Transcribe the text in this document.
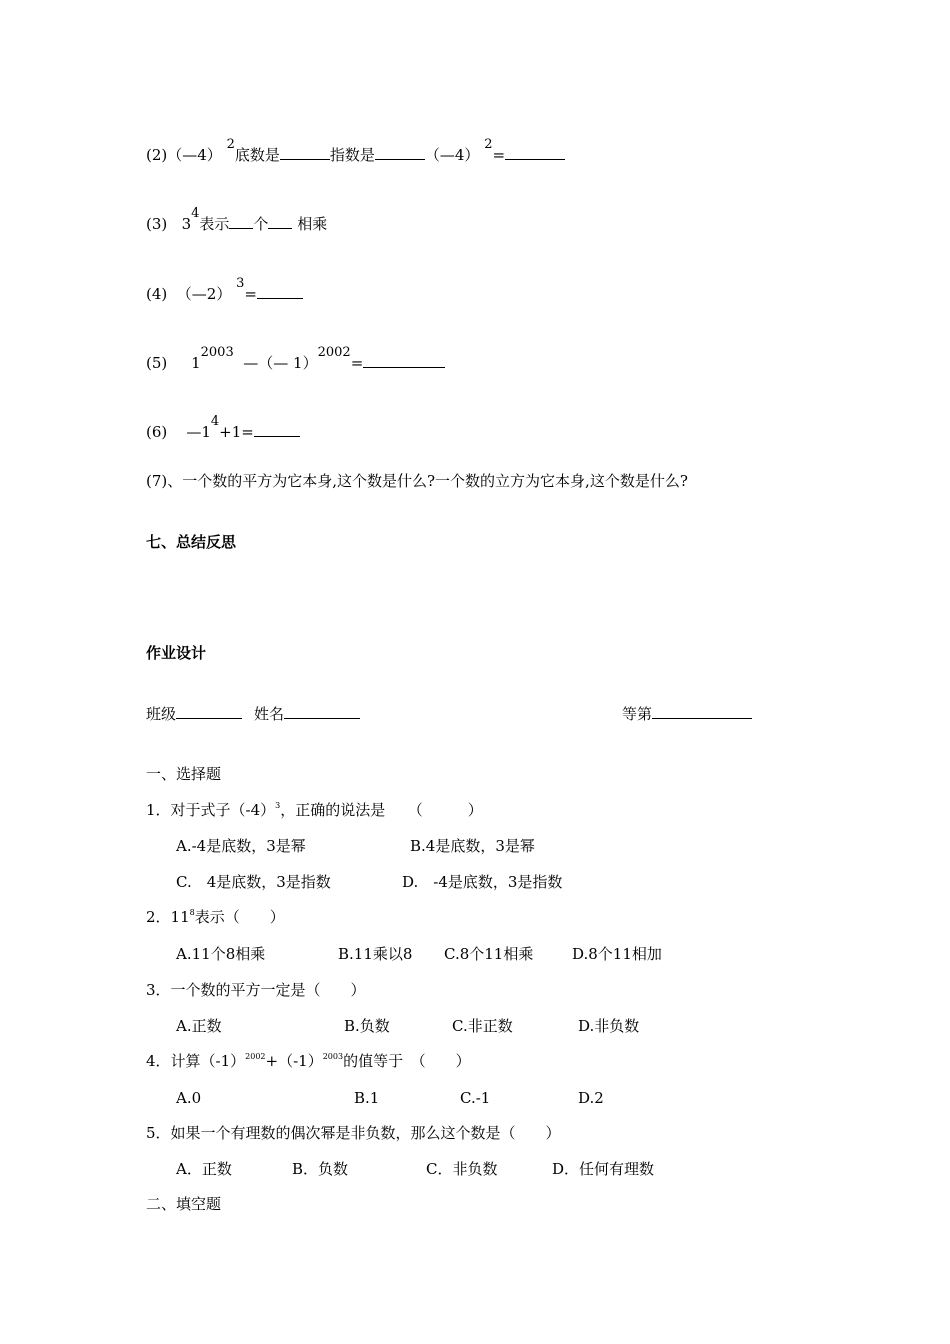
(2)（—4） 2底数是	指数是	（—4） 2=
(3) 34表示 个 相乘
(4) （—2） 3=
(5) 12003  —（— 1）2002=
(6) —14+1=
(7)、一个数的平方为它本身,这个数是什么?一个数的立方为它本身,这个数是什么?
七、总结反思
作业设计
班级	姓名	等第
一、选择题
1．对于式子$(-4)^3$，正确的说法是　　（　　　）
A.-4是底数，3是幂	B.4是底数，3是幂
C.　4是底数，3是指数	D.　-4是底数，3是指数
2．$11^8$表示（　　）
A.11个8相乘	B.11乘以8 C.8个11相乘	D.8个11相加
3．一个数的平方一定是（　　）
A.正数	B.负数	C.非正数	D.非负数
4．计算$(-1)^{2002}+(-1)^{2003}$的值等于　（　　）
A.0	B.1	C.-1	D.2
5．如果一个有理数的偶次幂是非负数，那么这个数是（　　）
A．正数	B．负数	C．非负数	D．任何有理数
二、填空题
